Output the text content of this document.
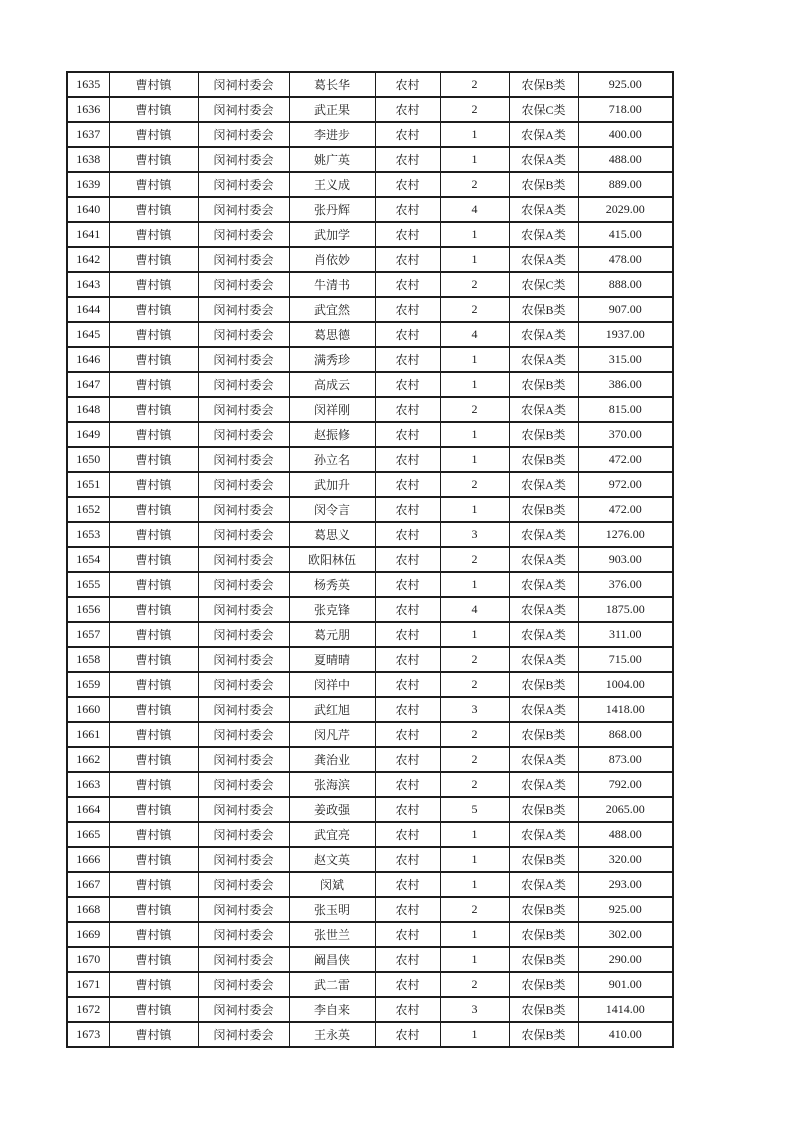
1635	曹村镇	闵祠村委会	葛长华	农村	2	农保B类	925.00
1636	曹村镇	闵祠村委会	武正果	农村	2	农保C类	718.00
1637	曹村镇	闵祠村委会	李进步	农村	1	农保A类	400.00
1638	曹村镇	闵祠村委会	姚广英	农村	1	农保A类	488.00
1639	曹村镇	闵祠村委会	王义成	农村	2	农保B类	889.00
1640	曹村镇	闵祠村委会	张丹辉	农村	4	农保A类	2029.00
1641	曹村镇	闵祠村委会	武加学	农村	1	农保A类	415.00
1642	曹村镇	闵祠村委会	肖依妙	农村	1	农保A类	478.00
1643	曹村镇	闵祠村委会	牛清书	农村	2	农保C类	888.00
1644	曹村镇	闵祠村委会	武宜然	农村	2	农保B类	907.00
1645	曹村镇	闵祠村委会	葛思德	农村	4	农保A类	1937.00
1646	曹村镇	闵祠村委会	满秀珍	农村	1	农保A类	315.00
1647	曹村镇	闵祠村委会	高成云	农村	1	农保B类	386.00
1648	曹村镇	闵祠村委会	闵祥刚	农村	2	农保A类	815.00
1649	曹村镇	闵祠村委会	赵振修	农村	1	农保B类	370.00
1650	曹村镇	闵祠村委会	孙立名	农村	1	农保B类	472.00
1651	曹村镇	闵祠村委会	武加升	农村	2	农保A类	972.00
1652	曹村镇	闵祠村委会	闵令言	农村	1	农保B类	472.00
1653	曹村镇	闵祠村委会	葛思义	农村	3	农保A类	1276.00
1654	曹村镇	闵祠村委会	欧阳林伍	农村	2	农保A类	903.00
1655	曹村镇	闵祠村委会	杨秀英	农村	1	农保A类	376.00
1656	曹村镇	闵祠村委会	张克锋	农村	4	农保A类	1875.00
1657	曹村镇	闵祠村委会	葛元朋	农村	1	农保A类	311.00
1658	曹村镇	闵祠村委会	夏晴晴	农村	2	农保A类	715.00
1659	曹村镇	闵祠村委会	闵祥中	农村	2	农保B类	1004.00
1660	曹村镇	闵祠村委会	武红旭	农村	3	农保A类	1418.00
1661	曹村镇	闵祠村委会	闵凡芹	农村	2	农保B类	868.00
1662	曹村镇	闵祠村委会	龚治业	农村	2	农保A类	873.00
1663	曹村镇	闵祠村委会	张海滨	农村	2	农保A类	792.00
1664	曹村镇	闵祠村委会	姜政强	农村	5	农保B类	2065.00
1665	曹村镇	闵祠村委会	武宜亮	农村	1	农保A类	488.00
1666	曹村镇	闵祠村委会	赵文英	农村	1	农保B类	320.00
1667	曹村镇	闵祠村委会	闵斌	农村	1	农保A类	293.00
1668	曹村镇	闵祠村委会	张玉明	农村	2	农保B类	925.00
1669	曹村镇	闵祠村委会	张世兰	农村	1	农保B类	302.00
1670	曹村镇	闵祠村委会	阚昌侠	农村	1	农保B类	290.00
1671	曹村镇	闵祠村委会	武二雷	农村	2	农保B类	901.00
1672	曹村镇	闵祠村委会	李自来	农村	3	农保B类	1414.00
1673	曹村镇	闵祠村委会	王永英	农村	1	农保B类	410.00
